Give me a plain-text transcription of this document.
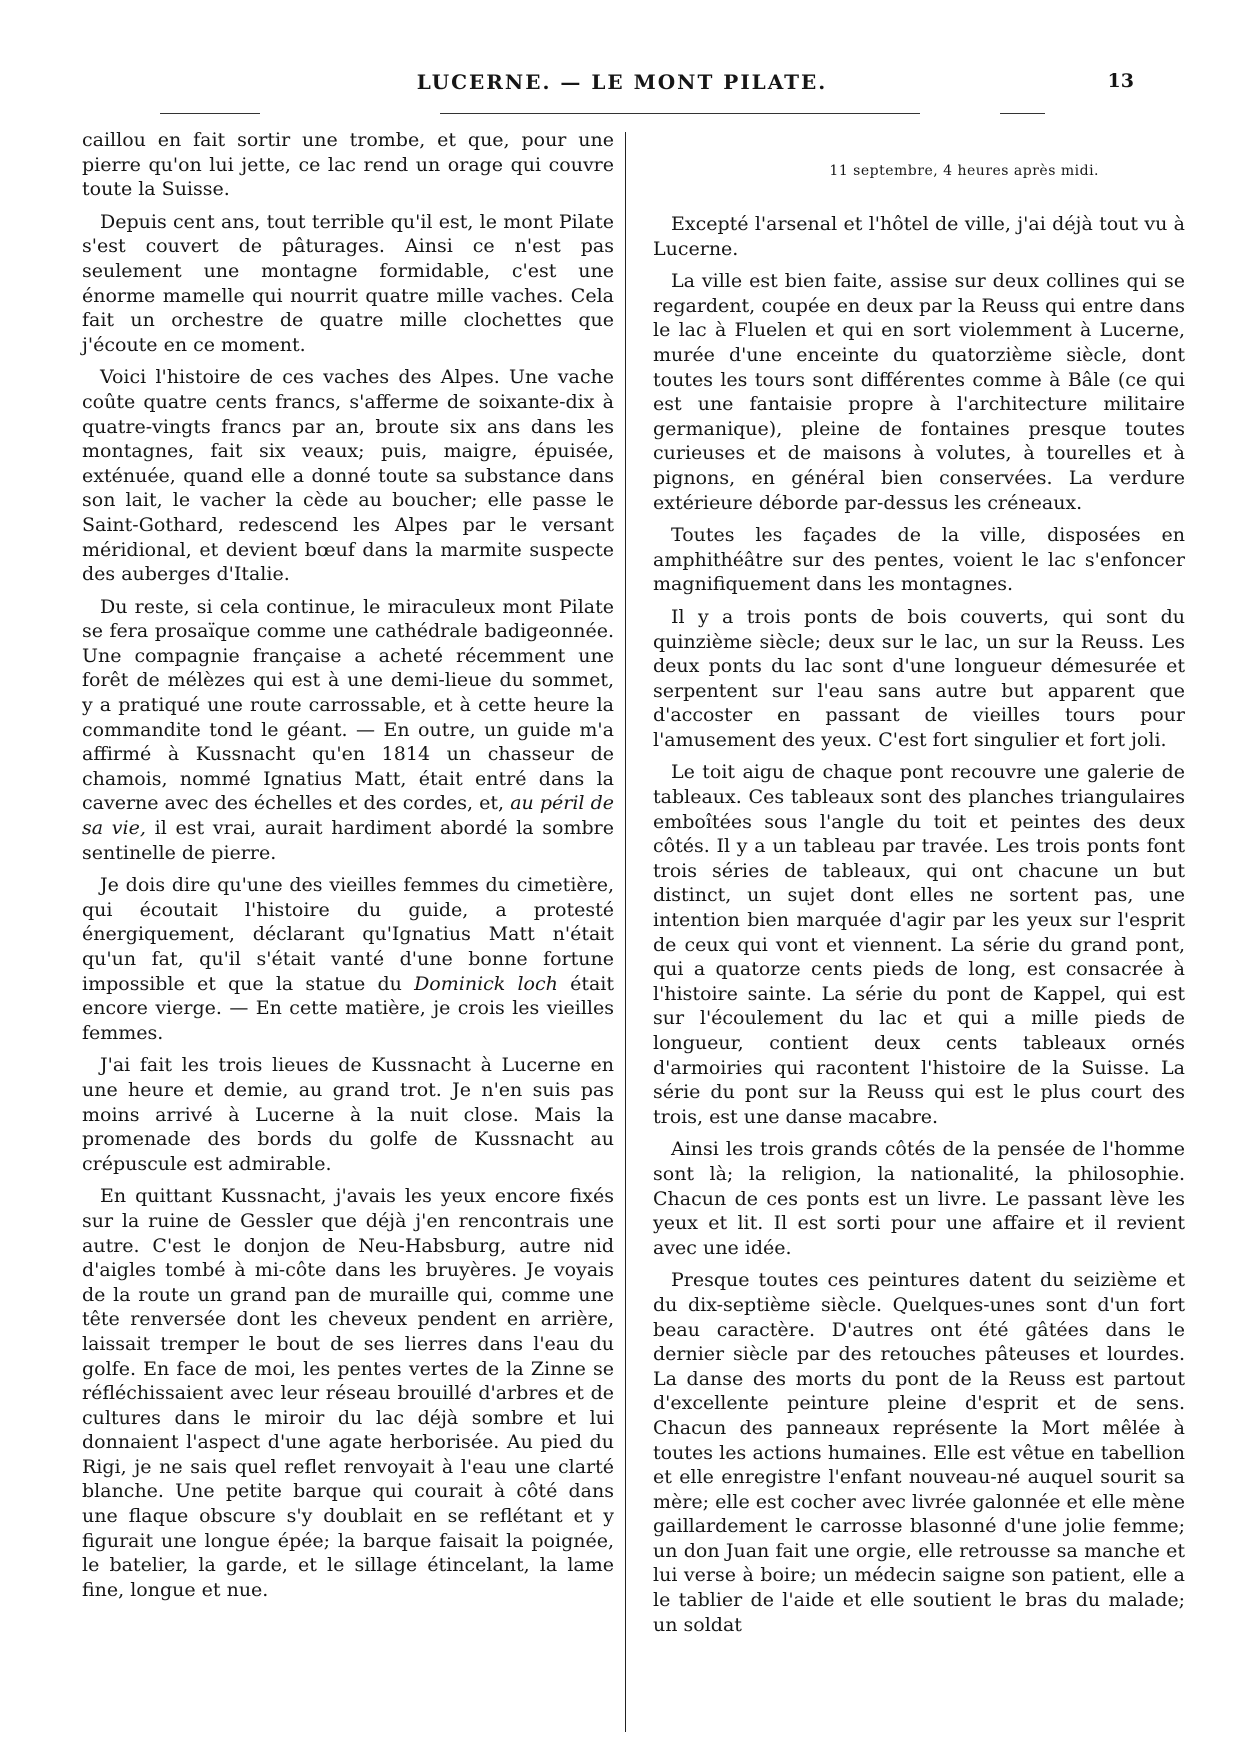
LUCERNE. — LE MONT PILATE.	13

caillou en fait sortir une trombe, et que, pour une pierre qu'on lui jette, ce lac rend un orage qui couvre toute la Suisse.

Depuis cent ans, tout terrible qu'il est, le mont Pilate s'est couvert de pâturages. Ainsi ce n'est pas seulement une montagne formidable, c'est une énorme mamelle qui nourrit quatre mille vaches. Cela fait un orchestre de quatre mille clochettes que j'écoute en ce moment.

Voici l'histoire de ces vaches des Alpes. Une vache coûte quatre cents francs, s'afferme de soixante-dix à quatre-vingts francs par an, broute six ans dans les montagnes, fait six veaux; puis, maigre, épuisée, exténuée, quand elle a donné toute sa substance dans son lait, le vacher la cède au boucher; elle passe le Saint-Gothard, redescend les Alpes par le versant méridional, et devient bœuf dans la marmite suspecte des auberges d'Italie.

Du reste, si cela continue, le miraculeux mont Pilate se fera prosaïque comme une cathédrale badigeonnée. Une compagnie française a acheté récemment une forêt de mélèzes qui est à une demi-lieue du sommet, y a pratiqué une route carrossable, et à cette heure la commandite tond le géant. — En outre, un guide m'a affirmé à Kussnacht qu'en 1814 un chasseur de chamois, nommé Ignatius Matt, était entré dans la caverne avec des échelles et des cordes, et, au péril de sa vie, il est vrai, aurait hardiment abordé la sombre sentinelle de pierre.

Je dois dire qu'une des vieilles femmes du cimetière, qui écoutait l'histoire du guide, a protesté énergiquement, déclarant qu'Ignatius Matt n'était qu'un fat, qu'il s'était vanté d'une bonne fortune impossible et que la statue du Dominick loch était encore vierge. — En cette matière, je crois les vieilles femmes.

J'ai fait les trois lieues de Kussnacht à Lucerne en une heure et demie, au grand trot. Je n'en suis pas moins arrivé à Lucerne à la nuit close. Mais la promenade des bords du golfe de Kussnacht au crépuscule est admirable.

En quittant Kussnacht, j'avais les yeux encore fixés sur la ruine de Gessler que déjà j'en rencontrais une autre. C'est le donjon de Neu-Habsburg, autre nid d'aigles tombé à mi-côte dans les bruyères. Je voyais de la route un grand pan de muraille qui, comme une tête renversée dont les cheveux pendent en arrière, laissait tremper le bout de ses lierres dans l'eau du golfe. En face de moi, les pentes vertes de la Zinne se réfléchissaient avec leur réseau brouillé d'arbres et de cultures dans le miroir du lac déjà sombre et lui donnaient l'aspect d'une agate herborisée. Au pied du Rigi, je ne sais quel reflet renvoyait à l'eau une clarté blanche. Une petite barque qui courait à côté dans une flaque obscure s'y doublait en se reflétant et y figurait une longue épée; la barque faisait la poignée, le batelier, la garde, et le sillage étincelant, la lame fine, longue et nue.

11 septembre, 4 heures après midi.

Excepté l'arsenal et l'hôtel de ville, j'ai déjà tout vu à Lucerne.

La ville est bien faite, assise sur deux collines qui se regardent, coupée en deux par la Reuss qui entre dans le lac à Fluelen et qui en sort violemment à Lucerne, murée d'une enceinte du quatorzième siècle, dont toutes les tours sont différentes comme à Bâle (ce qui est une fantaisie propre à l'architecture militaire germanique), pleine de fontaines presque toutes curieuses et de maisons à volutes, à tourelles et à pignons, en général bien conservées. La verdure extérieure déborde par-dessus les créneaux.

Toutes les façades de la ville, disposées en amphithéâtre sur des pentes, voient le lac s'enfoncer magnifiquement dans les montagnes.

Il y a trois ponts de bois couverts, qui sont du quinzième siècle; deux sur le lac, un sur la Reuss. Les deux ponts du lac sont d'une longueur démesurée et serpentent sur l'eau sans autre but apparent que d'accoster en passant de vieilles tours pour l'amusement des yeux. C'est fort singulier et fort joli.

Le toit aigu de chaque pont recouvre une galerie de tableaux. Ces tableaux sont des planches triangulaires emboîtées sous l'angle du toit et peintes des deux côtés. Il y a un tableau par travée. Les trois ponts font trois séries de tableaux, qui ont chacune un but distinct, un sujet dont elles ne sortent pas, une intention bien marquée d'agir par les yeux sur l'esprit de ceux qui vont et viennent. La série du grand pont, qui a quatorze cents pieds de long, est consacrée à l'histoire sainte. La série du pont de Kappel, qui est sur l'écoulement du lac et qui a mille pieds de longueur, contient deux cents tableaux ornés d'armoiries qui racontent l'histoire de la Suisse. La série du pont sur la Reuss qui est le plus court des trois, est une danse macabre.

Ainsi les trois grands côtés de la pensée de l'homme sont là; la religion, la nationalité, la philosophie. Chacun de ces ponts est un livre. Le passant lève les yeux et lit. Il est sorti pour une affaire et il revient avec une idée.

Presque toutes ces peintures datent du seizième et du dix-septième siècle. Quelques-unes sont d'un fort beau caractère. D'autres ont été gâtées dans le dernier siècle par des retouches pâteuses et lourdes. La danse des morts du pont de la Reuss est partout d'excellente peinture pleine d'esprit et de sens. Chacun des panneaux représente la Mort mêlée à toutes les actions humaines. Elle est vêtue en tabellion et elle enregistre l'enfant nouveau-né auquel sourit sa mère; elle est cocher avec livrée galonnée et elle mène gaillardement le carrosse blasonné d'une jolie femme; un don Juan fait une orgie, elle retrousse sa manche et lui verse à boire; un médecin saigne son patient, elle a le tablier de l'aide et elle soutient le bras du malade; un soldat
